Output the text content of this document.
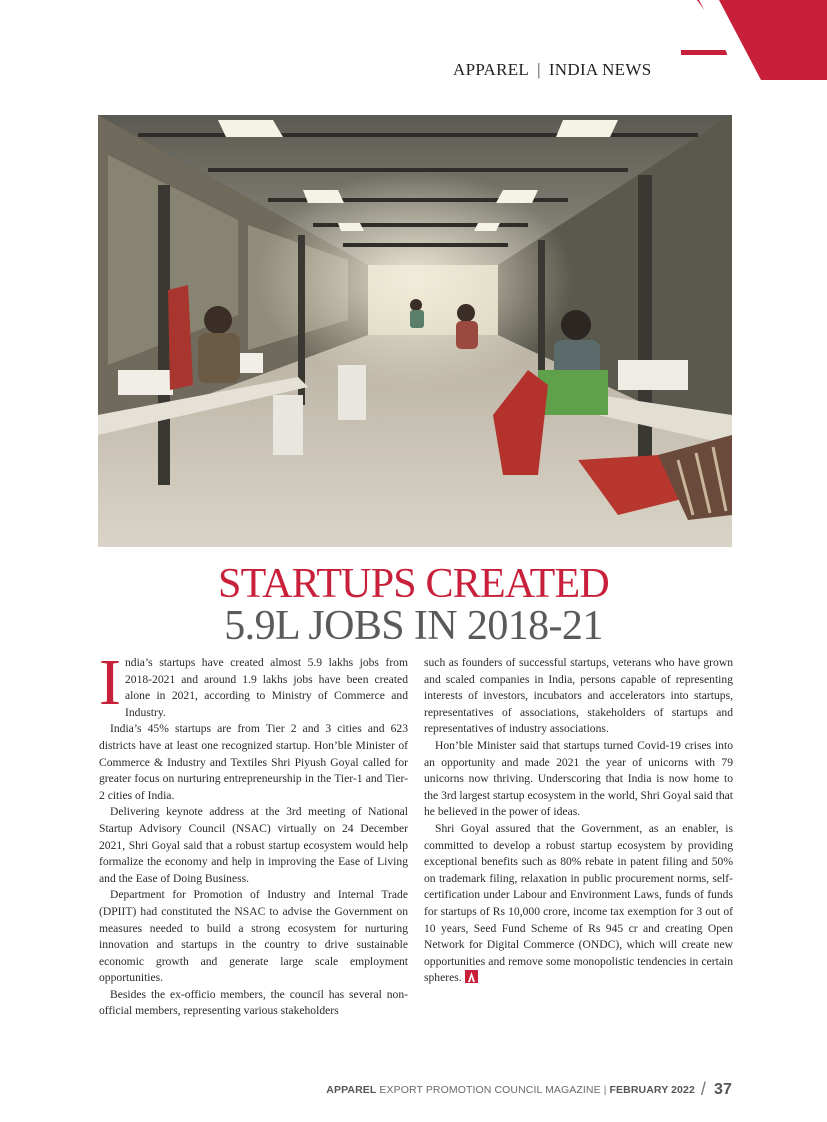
APPAREL | INDIA NEWS
STARTUPS CREATED
5.9L JOBS IN 2018-21

India’s startups have created almost 5.9 lakhs jobs from 2018-2021 and around 1.9 lakhs jobs have been created alone in 2021, according to Ministry of Commerce and Industry.

India’s 45% startups are from Tier 2 and 3 cities and 623 districts have at least one recognized startup. Hon’ble Minister of Commerce & Industry and Textiles Shri Piyush Goyal called for greater focus on nurturing entrepreneurship in the Tier-1 and Tier-2 cities of India.

Delivering keynote address at the 3rd meeting of National Startup Advisory Council (NSAC) virtually on 24 December 2021, Shri Goyal said that a robust startup ecosystem would help formalize the economy and help in improving the Ease of Living and the Ease of Doing Business.

Department for Promotion of Industry and Internal Trade (DPIIT) had constituted the NSAC to advise the Government on measures needed to build a strong ecosystem for nurturing innovation and startups in the country to drive sustainable economic growth and generate large scale employment opportunities.

Besides the ex-officio members, the council has several non-official members, representing various stakeholders

such as founders of successful startups, veterans who have grown and scaled companies in India, persons capable of representing interests of investors, incubators and accelerators into startups, representatives of associations, stakeholders of startups and representatives of industry associations.

Hon’ble Minister said that startups turned Covid-19 crises into an opportunity and made 2021 the year of unicorns with 79 unicorns now thriving. Underscoring that India is now home to the 3rd largest startup ecosystem in the world, Shri Goyal said that he believed in the power of ideas.

Shri Goyal assured that the Government, as an enabler, is committed to develop a robust startup ecosystem by providing exceptional benefits such as 80% rebate in patent filing and 50% on trademark filing, relaxation in public procurement norms, self-certification under Labour and Environment Laws, funds of funds for startups of Rs 10,000 crore, income tax exemption for 3 out of 10 years, Seed Fund Scheme of Rs 945 cr and creating Open Network for Digital Commerce (ONDC), which will create new opportunities and remove some monopolistic tendencies in certain spheres.

APPAREL EXPORT PROMOTION COUNCIL MAGAZINE | FEBRUARY 2022 / 37
